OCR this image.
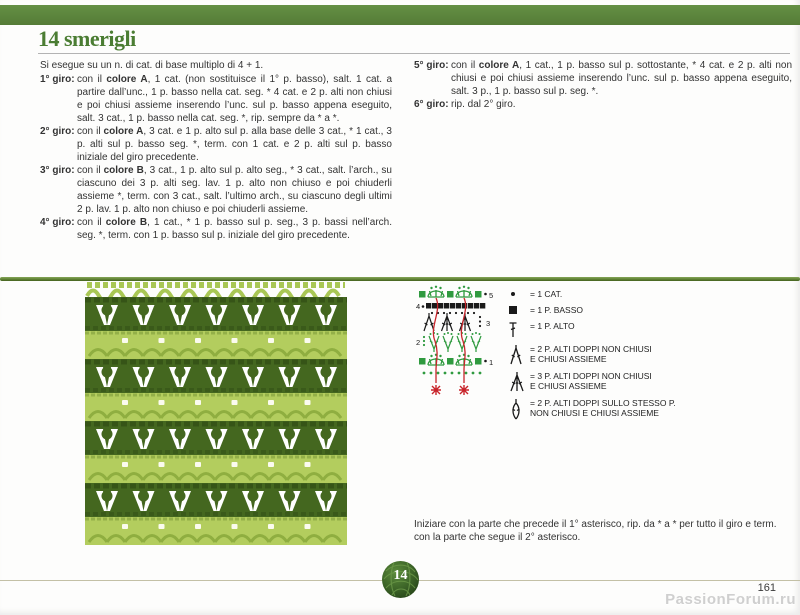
14 smerigli

Si esegue su un n. di cat. di base multiplo di 4 + 1.

1° giro: con il colore A, 1 cat. (non sostituisce il 1° p. basso), salt. 1 cat. a partire dall’unc., 1 p. basso nella cat. seg. * 4 cat. e 2 p. alti non chiusi e poi chiusi assieme inserendo l’unc. sul p. basso appena eseguito, salt. 3 cat., 1 p. basso nella cat. seg. *, rip. sempre da * a *.
2° giro: con il colore A, 3 cat. e 1 p. alto sul p. alla base delle 3 cat., * 1 cat., 3 p. alti sul p. basso seg. *, term. con 1 cat. e 2 p. alti sul p. basso iniziale del giro precedente.
3° giro: con il colore B, 3 cat., 1 p. alto sul p. alto seg., * 3 cat., salt. l’arch., su ciascuno dei 3 p. alti seg. lav. 1 p. alto non chiuso e poi chiuderli assieme *, term. con 3 cat., salt. l’ultimo arch., su ciascuno degli ultimi 2 p. lav. 1 p. alto non chiuso e poi chiuderli assieme.
4° giro: con il colore B, 1 cat., * 1 p. basso sul p. seg., 3 p. bassi nell’arch. seg. *, term. con 1 p. basso sul p. iniziale del giro precedente.
5° giro: con il colore A, 1 cat., 1 p. basso sul p. sottostante, * 4 cat. e 2 p. alti non chiusi e poi chiusi assieme inserendo l’unc. sul p. basso appena eseguito, salt. 3 p., 1 p. basso sul p. seg. *.
6° giro: rip. dal 2° giro.
5
4
3
2
1
= 1 CAT.
= 1 P. BASSO
= 1 P. ALTO
= 2 P. ALTI DOPPI NON CHIUSI
E CHIUSI ASSIEME
= 3 P. ALTI DOPPI NON CHIUSI
E CHIUSI ASSIEME
= 2 P. ALTI DOPPI SULLO STESSO P.
NON CHIUSI E CHIUSI ASSIEME
Iniziare con la parte che precede il 1° asterisco, rip. da * a * per tutto il giro e term. con la parte che segue il 2° asterisco.
14
161
PassionForum.ru
